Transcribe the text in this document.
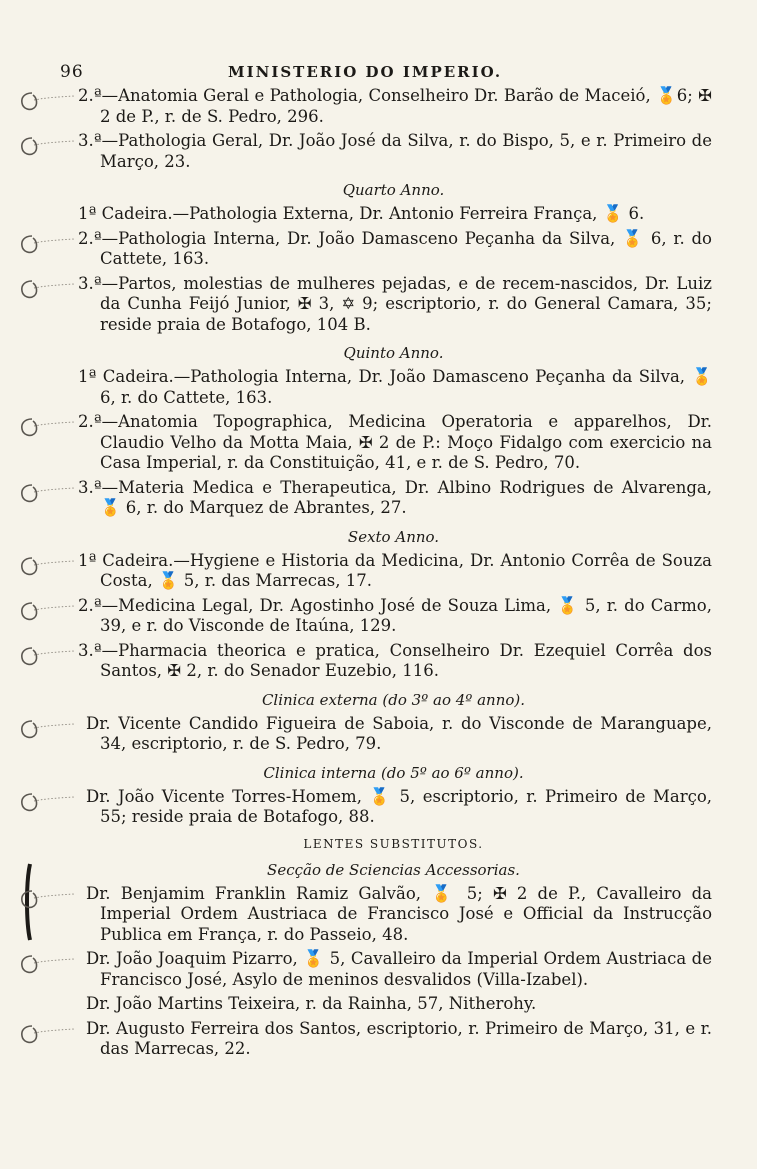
96	MINISTERIO DO IMPERIO.
2.ª—Anatomia Geral e Pathologia, Conselheiro Dr. Barão de Maceió, 🏅6; ✠ 2 de P., r. de S. Pedro, 296.
3.ª—Pathologia Geral, Dr. João José da Silva, r. do Bispo, 5, e r. Primeiro de Março, 23.
Quarto Anno.
1ª Cadeira.—Pathologia Externa, Dr. Antonio Ferreira França, 🏅 6.
2.ª—Pathologia Interna, Dr. João Damasceno Peçanha da Silva, 🏅 6, r. do Cattete, 163.
3.ª—Partos, molestias de mulheres pejadas, e de recem-nascidos, Dr. Luiz da Cunha Feijó Junior, ✠ 3, ✡ 9; escriptorio, r. do General Camara, 35; reside praia de Botafogo, 104 B.
Quinto Anno.
1ª Cadeira.—Pathologia Interna, Dr. João Damasceno Peçanha da Silva, 🏅 6, r. do Cattete, 163.
2.ª—Anatomia Topographica, Medicina Operatoria e apparelhos, Dr. Claudio Velho da Motta Maia, ✠ 2 de P.: Moço Fidalgo com exercicio na Casa Imperial, r. da Constituição, 41, e r. de S. Pedro, 70.
3.ª—Materia Medica e Therapeutica, Dr. Albino Rodrigues de Alvarenga, 🏅 6, r. do Marquez de Abrantes, 27.
Sexto Anno.
1ª Cadeira.—Hygiene e Historia da Medicina, Dr. Antonio Corrêa de Souza Costa, 🏅 5, r. das Marrecas, 17.
2.ª—Medicina Legal, Dr. Agostinho José de Souza Lima, 🏅 5, r. do Carmo, 39, e r. do Visconde de Itaúna, 129.
3.ª—Pharmacia theorica e pratica, Conselheiro Dr. Ezequiel Corrêa dos Santos, ✠ 2, r. do Senador Euzebio, 116.
Clinica externa (do 3º ao 4º anno).
Dr. Vicente Candido Figueira de Saboia, r. do Visconde de Maranguape, 34, escriptorio, r. de S. Pedro, 79.
Clinica interna (do 5º ao 6º anno).
Dr. João Vicente Torres-Homem, 🏅 5, escriptorio, r. Primeiro de Março, 55; reside praia de Botafogo, 88.
LENTES SUBSTITUTOS.
Secção de Sciencias Accessorias.
Dr. Benjamim Franklin Ramiz Galvão, 🏅 5; ✠ 2 de P., Cavalleiro da Imperial Ordem Austriaca de Francisco José e Official da Instrucção Publica em França, r. do Passeio, 48.
Dr. João Joaquim Pizarro, 🏅 5, Cavalleiro da Imperial Ordem Austriaca de Francisco José, Asylo de meninos desvalidos (Villa-Izabel).
Dr. João Martins Teixeira, r. da Rainha, 57, Nitherohy.
Dr. Augusto Ferreira dos Santos, escriptorio, r. Primeiro de Março, 31, e r. das Marrecas, 22.
